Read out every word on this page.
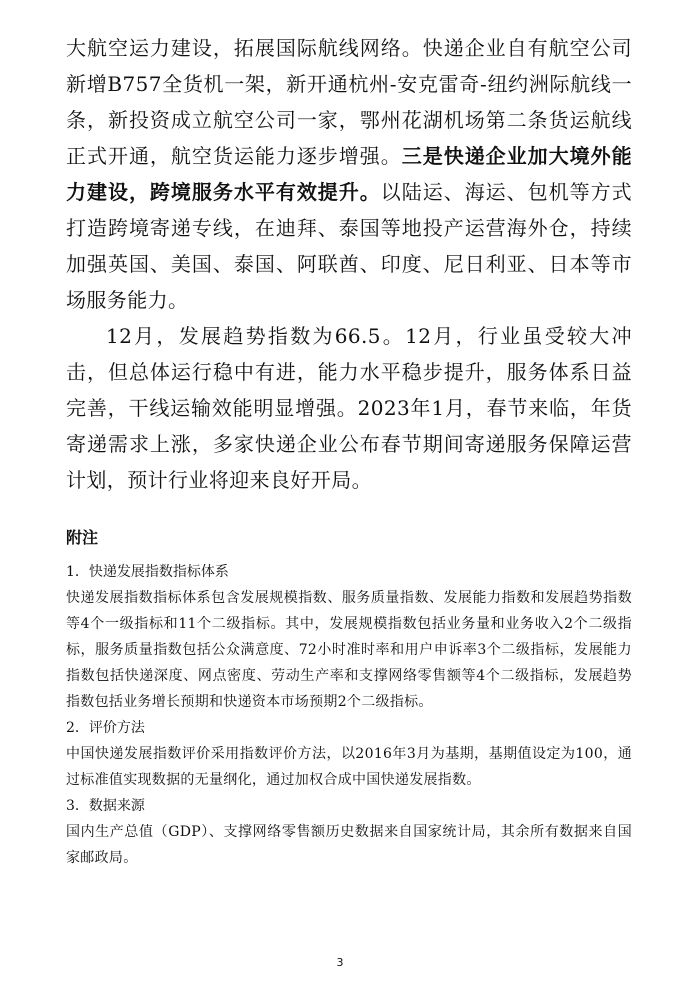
大航空运力建设，拓展国际航线网络。快递企业自有航空公司新增B757全货机一架，新开通杭州-安克雷奇-纽约洲际航线一条，新投资成立航空公司一家，鄂州花湖机场第二条货运航线正式开通，航空货运能力逐步增强。三是快递企业加大境外能力建设，跨境服务水平有效提升。以陆运、海运、包机等方式打造跨境寄递专线，在迪拜、泰国等地投产运营海外仓，持续加强英国、美国、泰国、阿联酋、印度、尼日利亚、日本等市场服务能力。

12月，发展趋势指数为66.5。12月，行业虽受较大冲击，但总体运行稳中有进，能力水平稳步提升，服务体系日益完善，干线运输效能明显增强。2023年1月，春节来临，年货寄递需求上涨，多家快递企业公布春节期间寄递服务保障运营计划，预计行业将迎来良好开局。

附注

1．快递发展指数指标体系

快递发展指数指标体系包含发展规模指数、服务质量指数、发展能力指数和发展趋势指数等4个一级指标和11个二级指标。其中，发展规模指数包括业务量和业务收入2个二级指标，服务质量指数包括公众满意度、72小时准时率和用户申诉率3个二级指标，发展能力指数包括快递深度、网点密度、劳动生产率和支撑网络零售额等4个二级指标，发展趋势指数包括业务增长预期和快递资本市场预期2个二级指标。

2．评价方法

中国快递发展指数评价采用指数评价方法，以2016年3月为基期，基期值设定为100，通过标准值实现数据的无量纲化，通过加权合成中国快递发展指数。

3．数据来源

国内生产总值（GDP）、支撑网络零售额历史数据来自国家统计局，其余所有数据来自国家邮政局。

3
